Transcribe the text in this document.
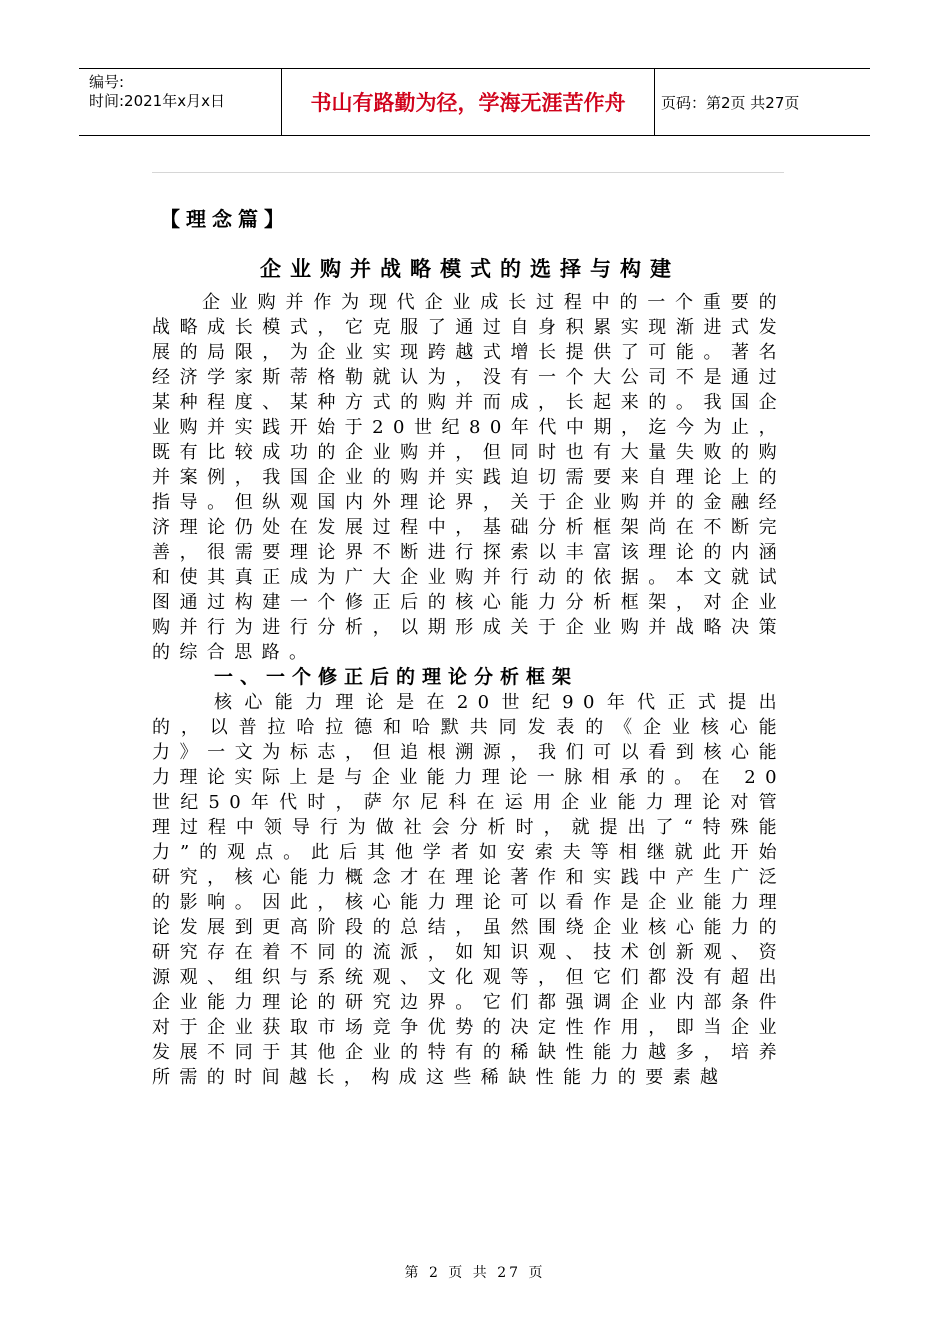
编号:
时间:2021年x月x日	书山有路勤为径，学海无涯苦作舟	页码：第2页 共27页
【理念篇】
企业购并战略模式的选择与构建

企业购并作为现代企业成长过程中的一个重要的战略成长模式，它克服了通过自身积累实现渐进式发展的局限，为企业实现跨越式增长提供了可能。著名经济学家斯蒂格勒就认为，没有一个大公司不是通过某种程度、某种方式的购并而成，长起来的。我国企业购并实践开始于20世纪80年代中期，迄今为止，既有比较成功的企业购并，但同时也有大量失败的购并案例，我国企业的购并实践迫切需要来自理论上的指导。但纵观国内外理论界，关于企业购并的金融经济理论仍处在发展过程中，基础分析框架尚在不断完善，很需要理论界不断进行探索以丰富该理论的内涵和使其真正成为广大企业购并行动的依据。本文就试图通过构建一个修正后的核心能力分析框架，对企业购并行为进行分析，以期形成关于企业购并战略决策的综合思路。

一、一个修正后的理论分析框架

核心能力理论是在20世纪90年代正式提出的，以普拉哈拉德和哈默共同发表的《企业核心能力》一文为标志，但追根溯源，我们可以看到核心能力理论实际上是与企业能力理论一脉相承的。在 20世纪50年代时，萨尔尼科在运用企业能力理论对管理过程中领导行为做社会分析时，就提出了“特殊能力”的观点。此后其他学者如安索夫等相继就此开始研究，核心能力概念才在理论著作和实践中产生广泛的影响。因此，核心能力理论可以看作是企业能力理论发展到更高阶段的总结，虽然围绕企业核心能力的研究存在着不同的流派，如知识观、技术创新观、资源观、组织与系统观、文化观等，但它们都没有超出企业能力理论的研究边界。它们都强调企业内部条件对于企业获取市场竞争优势的决定性作用，即当企业发展不同于其他企业的特有的稀缺性能力越多，培养所需的时间越长，构成这些稀缺性能力的要素越

第 2 页 共 27 页
